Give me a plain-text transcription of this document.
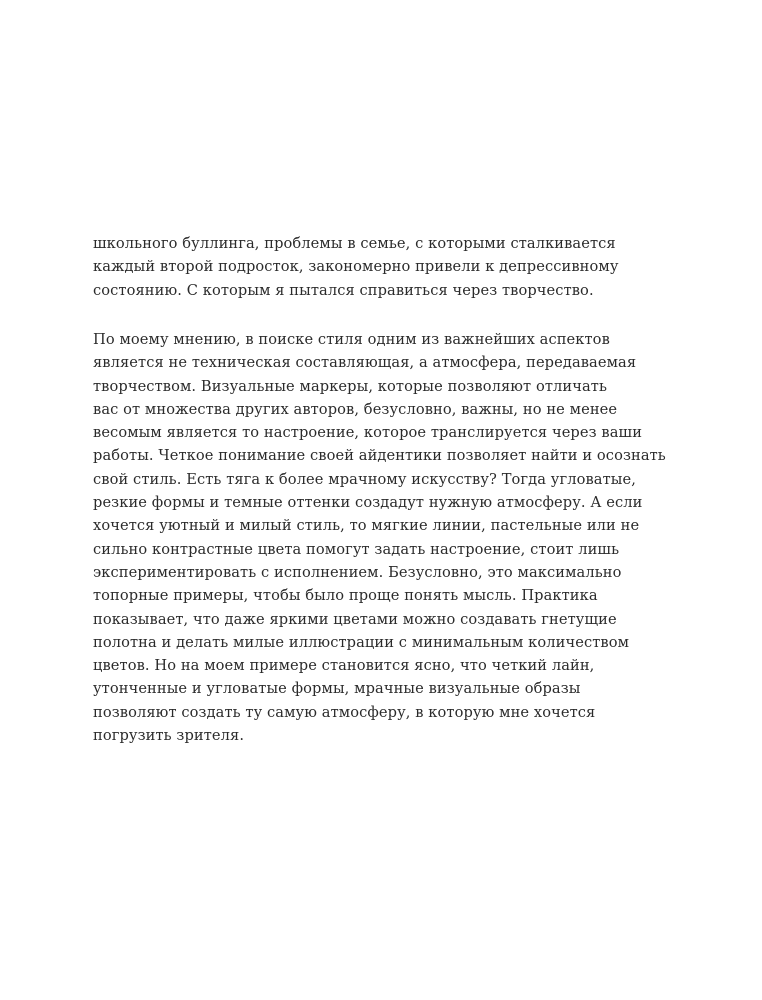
школьного буллинга, проблемы в семье, с которыми сталкивается
каждый второй подросток, закономерно привели к депрессивному
состоянию. С которым я пытался справиться через творчество.
По моему мнению, в поиске стиля одним из важнейших аспектов
является не техническая составляющая, а атмосфера, передаваемая
творчеством. Визуальные маркеры, которые позволяют отличать
вас от множества других авторов, безусловно, важны, но не менее
весомым является то настроение, которое транслируется через ваши
работы. Четкое понимание своей айдентики позволяет найти и осознать
свой стиль. Есть тяга к более мрачному искусству? Тогда угловатые,
резкие формы и темные оттенки создадут нужную атмосферу. А если
хочется уютный и милый стиль, то мягкие линии, пастельные или не
сильно контрастные цвета помогут задать настроение, стоит лишь
экспериментировать с исполнением. Безусловно, это максимально
топорные примеры, чтобы было проще понять мысль. Практика
показывает, что даже яркими цветами можно создавать гнетущие
полотна и делать милые иллюстрации с минимальным количеством
цветов. Но на моем примере становится ясно, что четкий лайн,
утонченные и угловатые формы, мрачные визуальные образы
позволяют создать ту самую атмосферу, в которую мне хочется
погрузить зрителя.
